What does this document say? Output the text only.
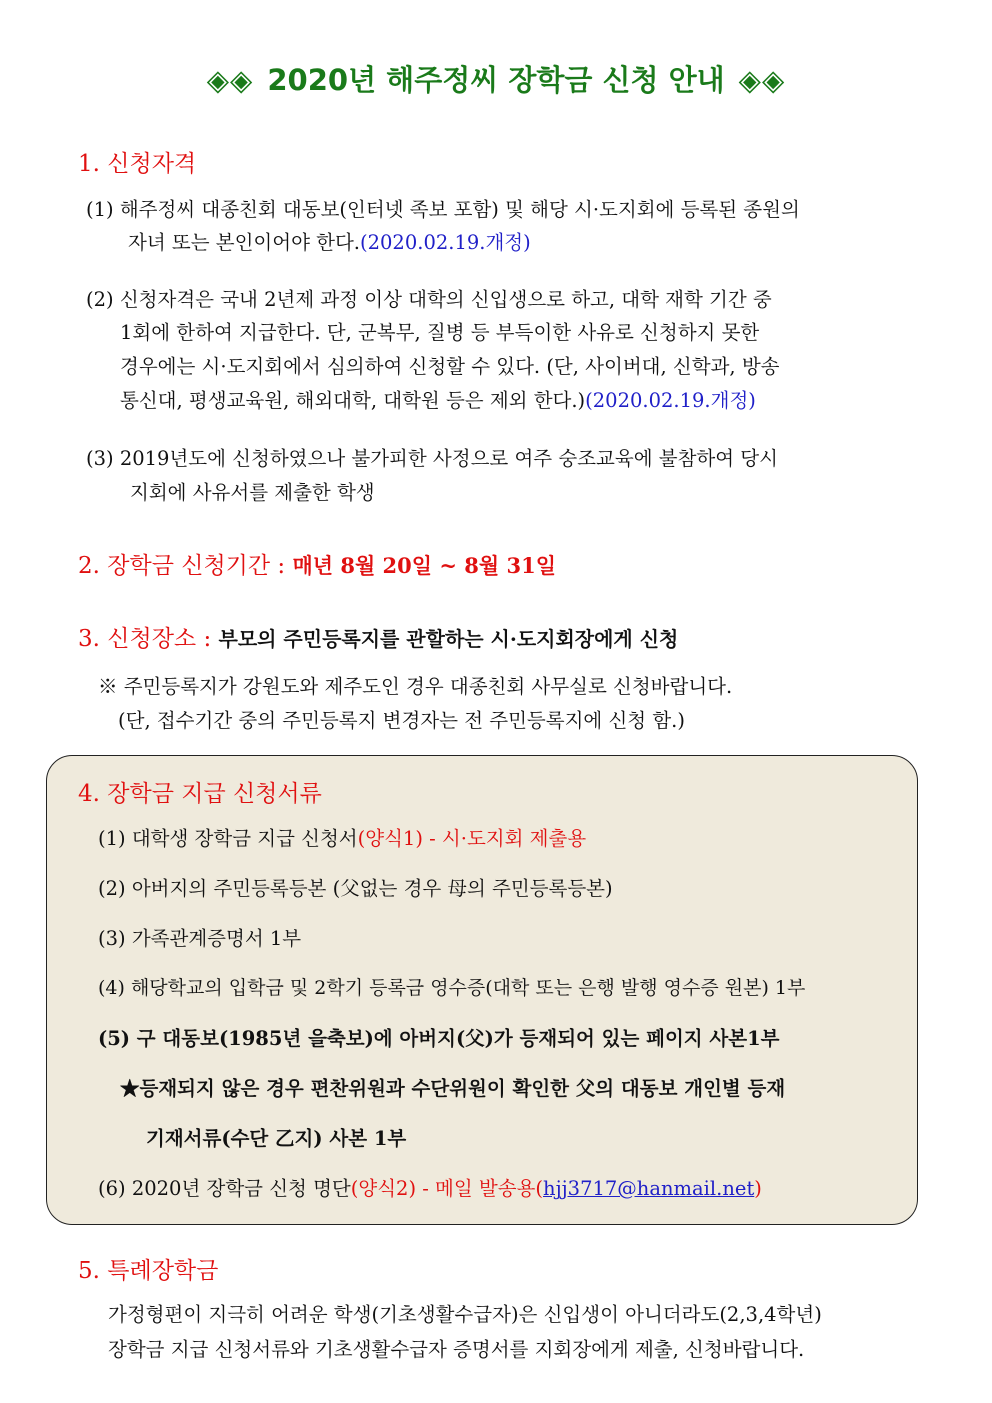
◈◈ 2020년 해주정씨 장학금 신청 안내 ◈◈
1. 신청자격
(1) 해주정씨 대종친회 대동보(인터넷 족보 포함) 및 해당 시·도지회에 등록된 종원의
자녀 또는 본인이어야 한다.(2020.02.19.개정)
(2) 신청자격은 국내 2년제 과정 이상 대학의 신입생으로 하고, 대학 재학 기간 중
1회에 한하여 지급한다. 단, 군복무, 질병 등 부득이한 사유로 신청하지 못한
경우에는 시·도지회에서 심의하여 신청할 수 있다. (단, 사이버대, 신학과, 방송
통신대, 평생교육원, 해외대학, 대학원 등은 제외 한다.)(2020.02.19.개정)
(3) 2019년도에 신청하였으나 불가피한 사정으로 여주 숭조교육에 불참하여 당시
지회에 사유서를 제출한 학생
2. 장학금 신청기간 : 매년 8월 20일 ~ 8월 31일
3. 신청장소 : 부모의 주민등록지를 관할하는 시·도지회장에게 신청
※ 주민등록지가 강원도와 제주도인 경우 대종친회 사무실로 신청바랍니다.
(단, 접수기간 중의 주민등록지 변경자는 전 주민등록지에 신청 함.)
4. 장학금 지급 신청서류
(1) 대학생 장학금 지급 신청서(양식1) - 시·도지회 제출용
(2) 아버지의 주민등록등본 (父없는 경우 母의 주민등록등본)
(3) 가족관계증명서 1부
(4) 해당학교의 입학금 및 2학기 등록금 영수증(대학 또는 은행 발행 영수증 원본) 1부
(5) 구 대동보(1985년 을축보)에 아버지(父)가 등재되어 있는 페이지 사본1부
★등재되지 않은 경우 편찬위원과 수단위원이 확인한 父의 대동보 개인별 등재
기재서류(수단 乙지) 사본 1부
(6) 2020년 장학금 신청 명단(양식2) - 메일 발송용(hjj3717@hanmail.net)
5. 특례장학금
가정형편이 지극히 어려운 학생(기초생활수급자)은 신입생이 아니더라도(2,3,4학년)
장학금 지급 신청서류와 기초생활수급자 증명서를 지회장에게 제출, 신청바랍니다.
